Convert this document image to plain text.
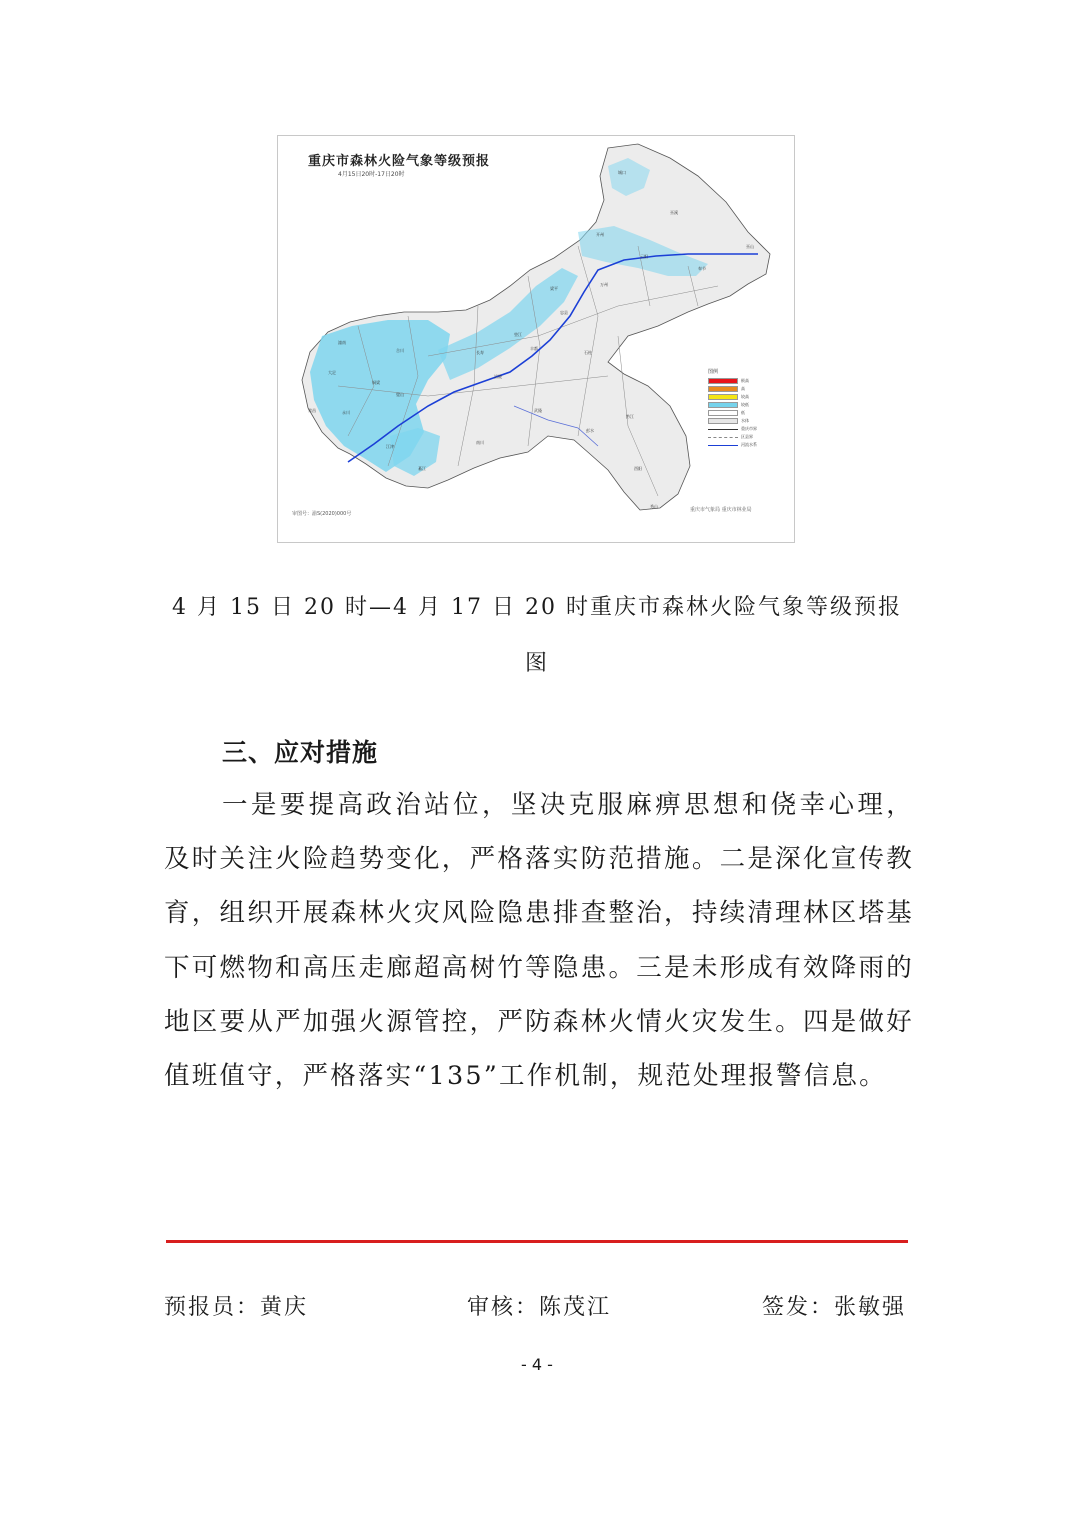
重庆市森林火险气象等级预报
4月15日20时-17日20时	城口
巫溪
巫山
奉节
开州
云阳
万州
梁平
忠县
石柱
丰都
涪陵
长寿
垫江
武隆
彭水
黔江
酉阳
秀山
南川
綦江
江津
永川
荣昌
大足
潼南
合川
铜梁
璧山
图例
极高
高
较高
较低
低
水体
重庆市界
区县界
河流水系
审图号：渝S(2020)000号
重庆市气象局 重庆市林业局
4 月 15 日 20 时—4 月 17 日 20 时重庆市森林火险气象等级预报
图
三、应对措施

一是要提高政治站位，坚决克服麻痹思想和侥幸心理，及时关注火险趋势变化，严格落实防范措施。二是深化宣传教育，组织开展森林火灾风险隐患排查整治，持续清理林区塔基下可燃物和高压走廊超高树竹等隐患。三是未形成有效降雨的地区要从严加强火源管控，严防森林火情火灾发生。四是做好值班值守，严格落实“135”工作机制，规范处理报警信息。

预报员：黄庆	审核：陈茂江	签发：张敏强
- 4 -
